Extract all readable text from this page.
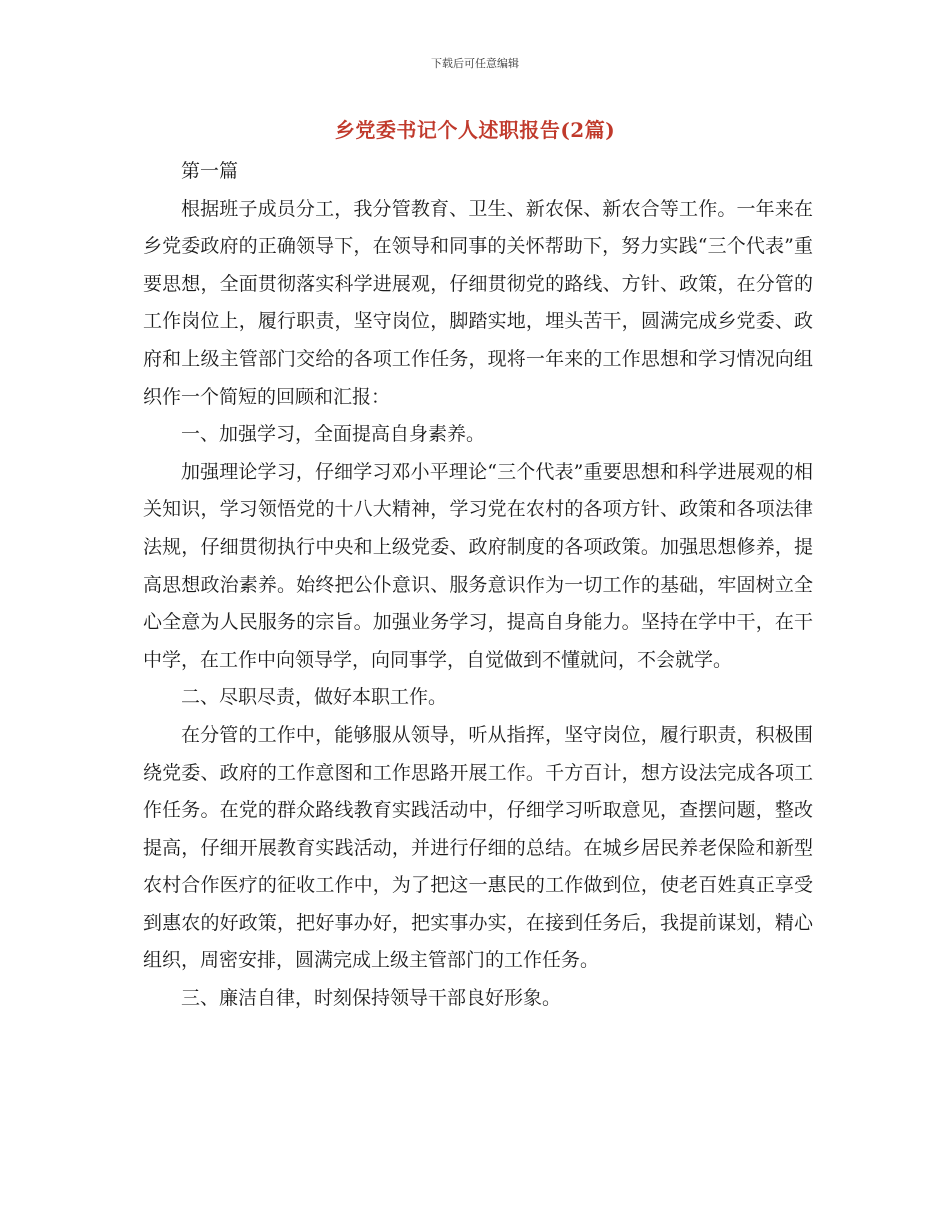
下载后可任意编辑
乡党委书记个人述职报告(2篇)

第一篇

根据班子成员分工，我分管教育、卫生、新农保、新农合等工作。一年来在乡党委政府的正确领导下，在领导和同事的关怀帮助下，努力实践“三个代表”重要思想，全面贯彻落实科学进展观，仔细贯彻党的路线、方针、政策，在分管的工作岗位上，履行职责，坚守岗位，脚踏实地，埋头苦干，圆满完成乡党委、政府和上级主管部门交给的各项工作任务，现将一年来的工作思想和学习情况向组织作一个简短的回顾和汇报：

一、加强学习，全面提高自身素养。

加强理论学习，仔细学习邓小平理论“三个代表”重要思想和科学进展观的相关知识，学习领悟党的十八大精神，学习党在农村的各项方针、政策和各项法律法规，仔细贯彻执行中央和上级党委、政府制度的各项政策。加强思想修养，提高思想政治素养。始终把公仆意识、服务意识作为一切工作的基础，牢固树立全心全意为人民服务的宗旨。加强业务学习，提高自身能力。坚持在学中干，在干中学，在工作中向领导学，向同事学，自觉做到不懂就问，不会就学。

二、尽职尽责，做好本职工作。

在分管的工作中，能够服从领导，听从指挥，坚守岗位，履行职责，积极围绕党委、政府的工作意图和工作思路开展工作。千方百计，想方设法完成各项工作任务。在党的群众路线教育实践活动中，仔细学习听取意见，查摆问题，整改提高，仔细开展教育实践活动，并进行仔细的总结。在城乡居民养老保险和新型农村合作医疗的征收工作中，为了把这一惠民的工作做到位，使老百姓真正享受到惠农的好政策，把好事办好，把实事办实，在接到任务后，我提前谋划，精心组织，周密安排，圆满完成上级主管部门的工作任务。

三、廉洁自律，时刻保持领导干部良好形象。
